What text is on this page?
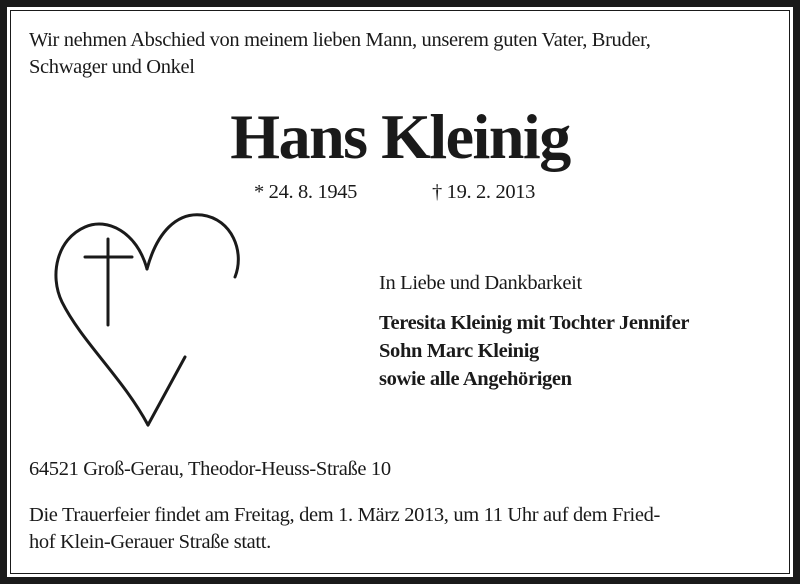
Wir nehmen Abschied von meinem lieben Mann, unserem guten Vater, Bruder,
Schwager und Onkel
Hans Kleinig
* 24. 8. 1945	† 19. 2. 2013
In Liebe und Dankbarkeit
Teresita Kleinig mit Tochter Jennifer
Sohn Marc Kleinig
sowie alle Angehörigen
64521 Groß-Gerau, Theodor-Heuss-Straße 10
Die Trauerfeier findet am Freitag, dem 1. März 2013, um 11 Uhr auf dem Fried-
hof Klein-Gerauer Straße statt.
